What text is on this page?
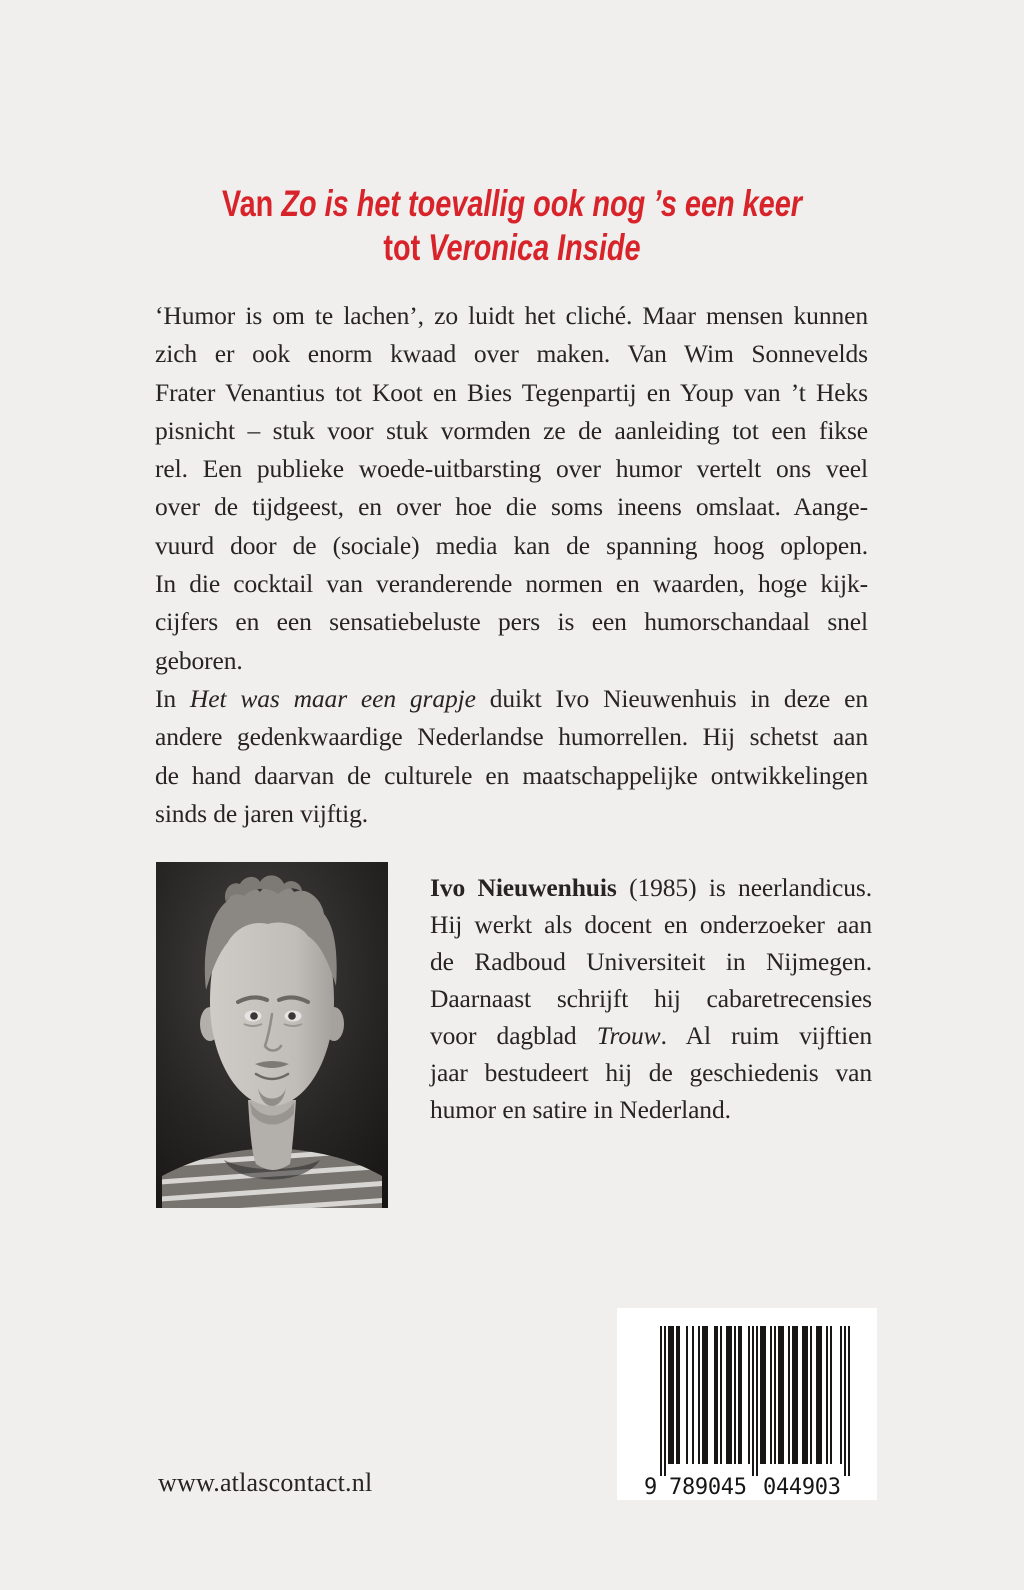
Van Zo is het toevallig ook nog ’s een keer
tot Veronica Inside
‘Humor is om te lachen’, zo luidt het cliché. Maar mensen kunnen
zich er ook enorm kwaad over maken. Van Wim Sonnevelds
Frater Venantius tot Koot en Bies Tegenpartij en Youp van ’t Heks
pisnicht – stuk voor stuk vormden ze de aanleiding tot een fikse
rel. Een publieke woede-uitbarsting over humor vertelt ons veel
over de tijdgeest, en over hoe die soms ineens omslaat. Aange-
vuurd door de (sociale) media kan de spanning hoog oplopen.
In die cocktail van veranderende normen en waarden, hoge kijk-
cijfers en een sensatiebeluste pers is een humorschandaal snel
geboren.
In Het was maar een grapje duikt Ivo Nieuwenhuis in deze en
andere gedenkwaardige Nederlandse humorrellen. Hij schetst aan
de hand daarvan de culturele en maatschappelijke ontwikkelingen
sinds de jaren vijftig.
Ivo Nieuwenhuis (1985) is neerlandicus.
Hij werkt als docent en onderzoeker aan
de Radboud Universiteit in Nijmegen.
Daarnaast schrijft hij cabaretrecensies
voor dagblad Trouw. Al ruim vijftien
jaar bestudeert hij de geschiedenis van
humor en satire in Nederland.
9 789045 044903
www.atlascontact.nl
